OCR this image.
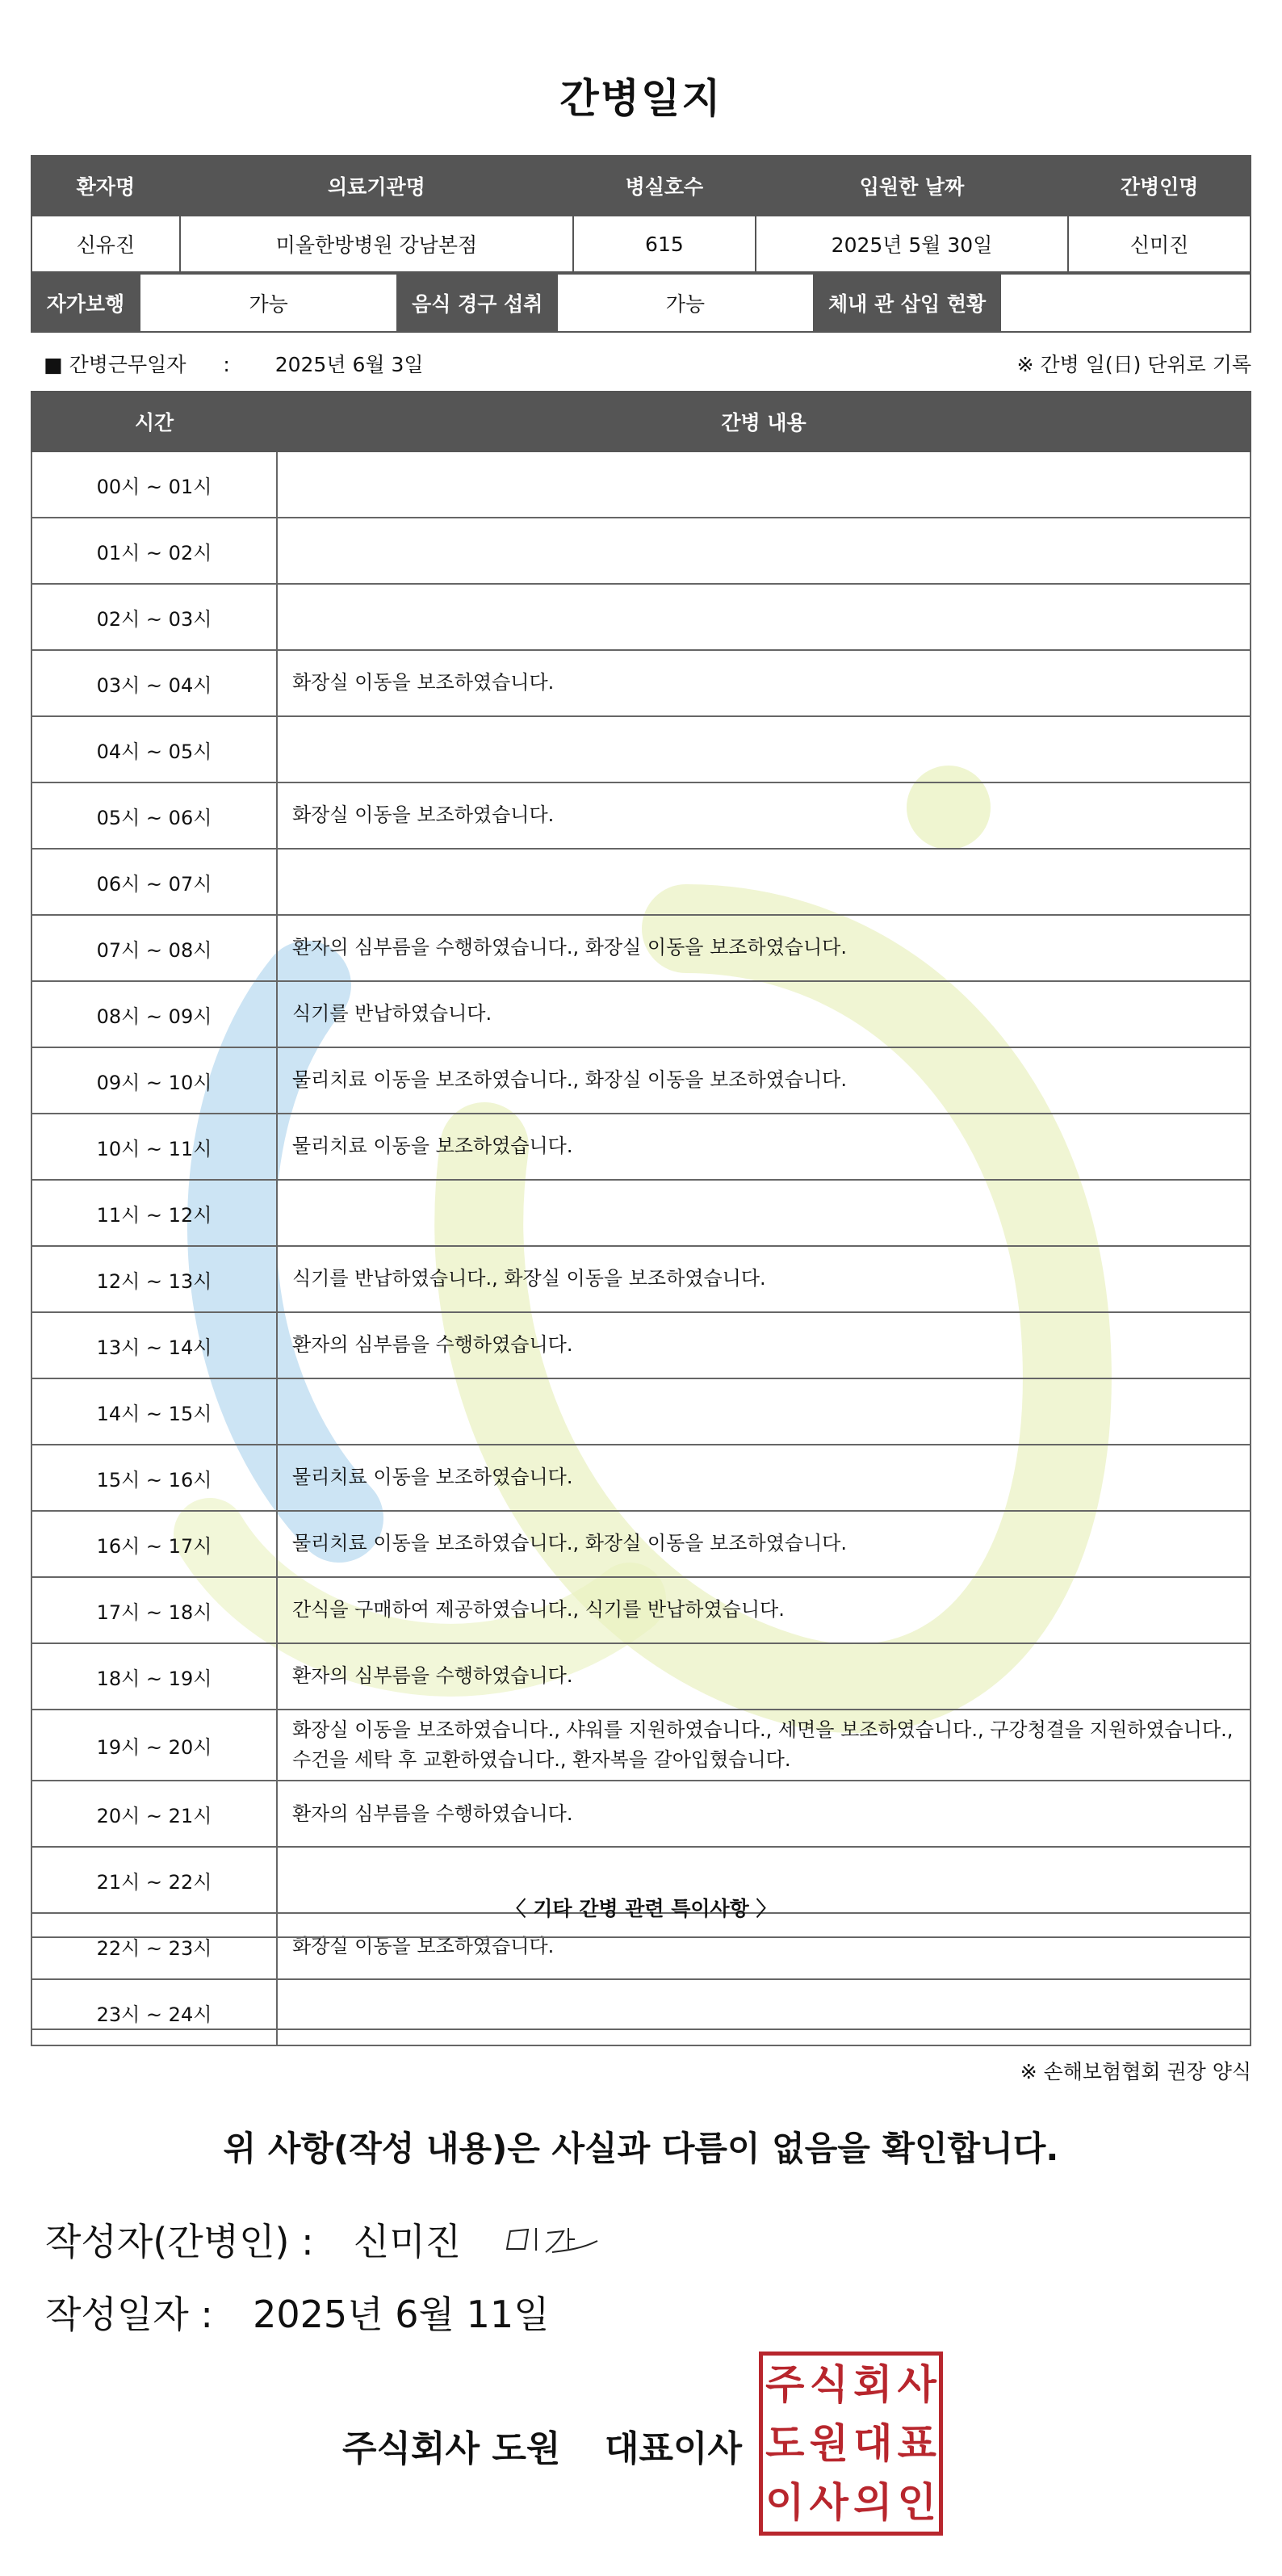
간병일지
환자명	의료기관명	병실호수	입원한 날짜	간병인명
신유진	미올한방병원 강남본점	615	2025년 5월 30일	신미진
자가보행	가능	음식 경구 섭취	가능	체내 관 삽입 현황	
■ 간병근무일자 : 2025년 6월 3일	※ 간병 일(日) 단위로 기록
시간	간병 내용
00시 ~ 01시	
01시 ~ 02시	
02시 ~ 03시	
03시 ~ 04시	화장실 이동을 보조하였습니다.
04시 ~ 05시	
05시 ~ 06시	화장실 이동을 보조하였습니다.
06시 ~ 07시	
07시 ~ 08시	환자의 심부름을 수행하였습니다., 화장실 이동을 보조하였습니다.
08시 ~ 09시	식기를 반납하였습니다.
09시 ~ 10시	물리치료 이동을 보조하였습니다., 화장실 이동을 보조하였습니다.
10시 ~ 11시	물리치료 이동을 보조하였습니다.
11시 ~ 12시	
12시 ~ 13시	식기를 반납하였습니다., 화장실 이동을 보조하였습니다.
13시 ~ 14시	환자의 심부름을 수행하였습니다.
14시 ~ 15시	
15시 ~ 16시	물리치료 이동을 보조하였습니다.
16시 ~ 17시	물리치료 이동을 보조하였습니다., 화장실 이동을 보조하였습니다.
17시 ~ 18시	간식을 구매하여 제공하였습니다., 식기를 반납하였습니다.
18시 ~ 19시	환자의 심부름을 수행하였습니다.
19시 ~ 20시	화장실 이동을 보조하였습니다., 샤워를 지원하였습니다., 세면을 보조하였습니다., 구강청결을 지원하였습니다., 수건을 세탁 후 교환하였습니다., 환자복을 갈아입혔습니다.
20시 ~ 21시	환자의 심부름을 수행하였습니다.
21시 ~ 22시	
22시 ~ 23시	화장실 이동을 보조하였습니다.
23시 ~ 24시	
〈 기타 간병 관련 특이사항 〉
※ 손해보험협회 권장 양식
위 사항(작성 내용)은 사실과 다름이 없음을 확인합니다.
작성자(간병인) : 신미진
작성일자 : 2025년 6월 11일
주식회사 도원 대표이사
주 식 회 사
도 원 대 표
이 사 의 인
